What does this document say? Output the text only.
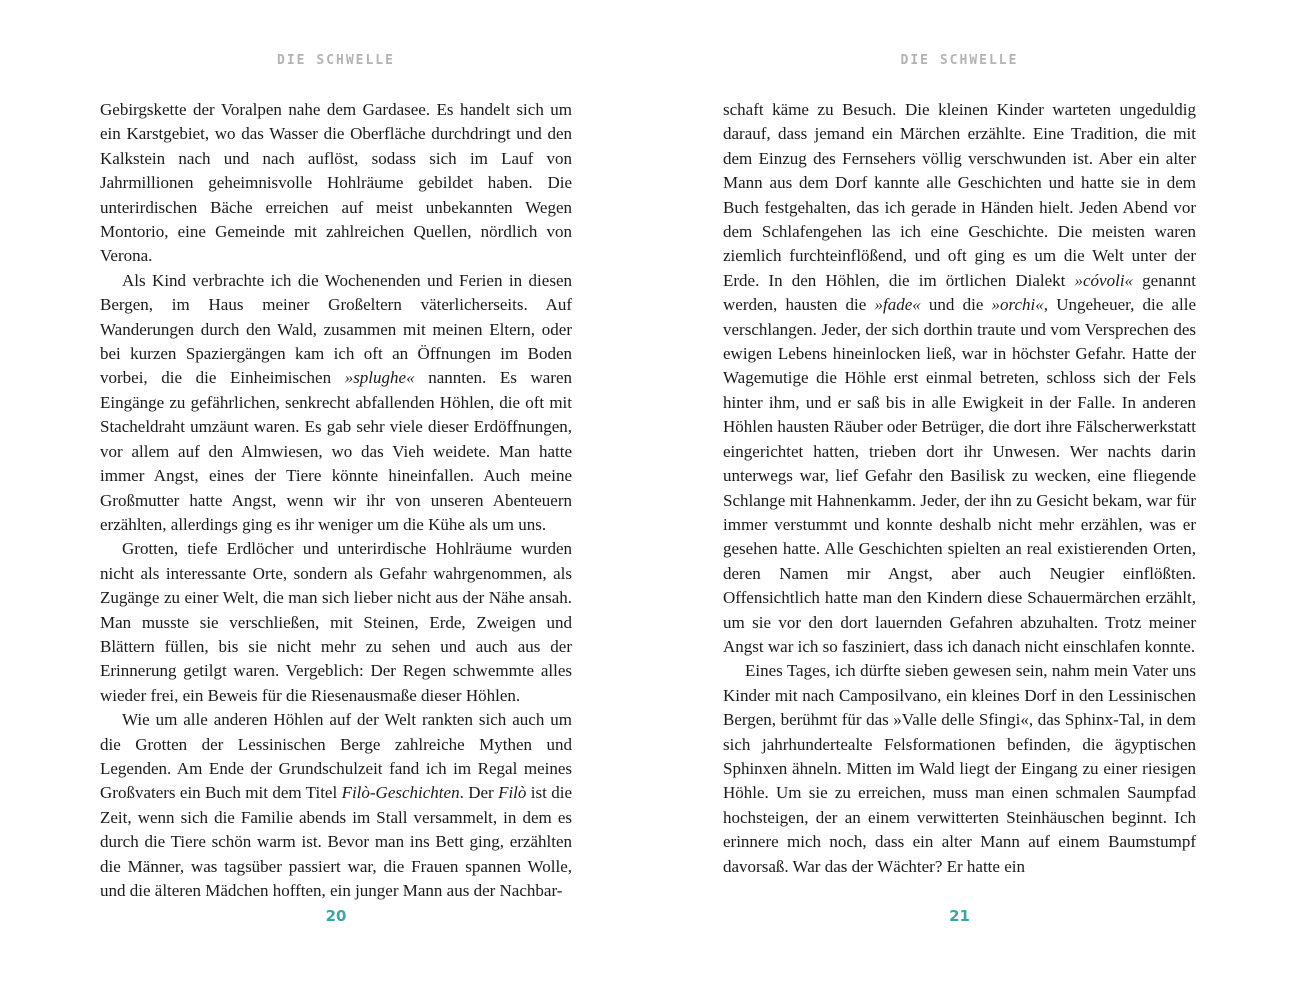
DIE SCHWELLE

Gebirgskette der Voralpen nahe dem Gardasee. Es handelt sich um ein Karstgebiet, wo das Wasser die Oberfläche durchdringt und den Kalkstein nach und nach auflöst, sodass sich im Lauf von Jahrmillionen geheimnisvolle Hohlräume gebildet haben. Die unterirdischen Bäche erreichen auf meist unbekannten Wegen Montorio, eine Gemeinde mit zahlreichen Quellen, nördlich von Verona.

Als Kind verbrachte ich die Wochenenden und Ferien in diesen Bergen, im Haus meiner Großeltern väterlicherseits. Auf Wanderungen durch den Wald, zusammen mit meinen Eltern, oder bei kurzen Spaziergängen kam ich oft an Öffnungen im Boden vorbei, die die Einheimischen »splughe« nannten. Es waren Eingänge zu gefährlichen, senkrecht abfallenden Höhlen, die oft mit Stacheldraht umzäunt waren. Es gab sehr viele dieser Erdöffnungen, vor allem auf den Almwiesen, wo das Vieh weidete. Man hatte immer Angst, eines der Tiere könnte hineinfallen. Auch meine Großmutter hatte Angst, wenn wir ihr von unseren Abenteuern erzählten, allerdings ging es ihr weniger um die Kühe als um uns.

Grotten, tiefe Erdlöcher und unterirdische Hohlräume wurden nicht als interessante Orte, sondern als Gefahr wahrgenommen, als Zugänge zu einer Welt, die man sich lieber nicht aus der Nähe ansah. Man musste sie verschließen, mit Steinen, Erde, Zweigen und Blättern füllen, bis sie nicht mehr zu sehen und auch aus der Erinnerung getilgt waren. Vergeblich: Der Regen schwemmte alles wieder frei, ein Beweis für die Riesenausmaße dieser Höhlen.

Wie um alle anderen Höhlen auf der Welt rankten sich auch um die Grotten der Lessinischen Berge zahlreiche Mythen und Legenden. Am Ende der Grundschulzeit fand ich im Regal meines Großvaters ein Buch mit dem Titel Filò-Geschichten. Der Filò ist die Zeit, wenn sich die Familie abends im Stall versammelt, in dem es durch die Tiere schön warm ist. Bevor man ins Bett ging, erzählten die Männer, was tagsüber passiert war, die Frauen spannen Wolle, und die älteren Mädchen hofften, ein junger Mann aus der Nachbar-

20
DIE SCHWELLE

schaft käme zu Besuch. Die kleinen Kinder warteten ungeduldig darauf, dass jemand ein Märchen erzählte. Eine Tradition, die mit dem Einzug des Fernsehers völlig verschwunden ist. Aber ein alter Mann aus dem Dorf kannte alle Geschichten und hatte sie in dem Buch festgehalten, das ich gerade in Händen hielt. Jeden Abend vor dem Schlafengehen las ich eine Geschichte. Die meisten waren ziemlich furchteinflößend, und oft ging es um die Welt unter der Erde. In den Höhlen, die im örtlichen Dialekt »cóvoli« genannt werden, hausten die »fade« und die »orchi«, Ungeheuer, die alle verschlangen. Jeder, der sich dorthin traute und vom Versprechen des ewigen Lebens hineinlocken ließ, war in höchster Gefahr. Hatte der Wagemutige die Höhle erst einmal betreten, schloss sich der Fels hinter ihm, und er saß bis in alle Ewigkeit in der Falle. In anderen Höhlen hausten Räuber oder Betrüger, die dort ihre Fälscherwerkstatt eingerichtet hatten, trieben dort ihr Unwesen. Wer nachts darin unterwegs war, lief Gefahr den Basilisk zu wecken, eine fliegende Schlange mit Hahnenkamm. Jeder, der ihn zu Gesicht bekam, war für immer verstummt und konnte deshalb nicht mehr erzählen, was er gesehen hatte. Alle Geschichten spielten an real existierenden Orten, deren Namen mir Angst, aber auch Neugier einflößten. Offensichtlich hatte man den Kindern diese Schauermärchen erzählt, um sie vor den dort lauernden Gefahren abzuhalten. Trotz meiner Angst war ich so fasziniert, dass ich danach nicht einschlafen konnte.

Eines Tages, ich dürfte sieben gewesen sein, nahm mein Vater uns Kinder mit nach Camposilvano, ein kleines Dorf in den Lessinischen Bergen, berühmt für das »Valle delle Sfingi«, das Sphinx-Tal, in dem sich jahrhundertealte Felsformationen befinden, die ägyptischen Sphinxen ähneln. Mitten im Wald liegt der Eingang zu einer riesigen Höhle. Um sie zu erreichen, muss man einen schmalen Saumpfad hochsteigen, der an einem verwitterten Steinhäuschen beginnt. Ich erinnere mich noch, dass ein alter Mann auf einem Baumstumpf davorsaß. War das der Wächter? Er hatte ein

21
